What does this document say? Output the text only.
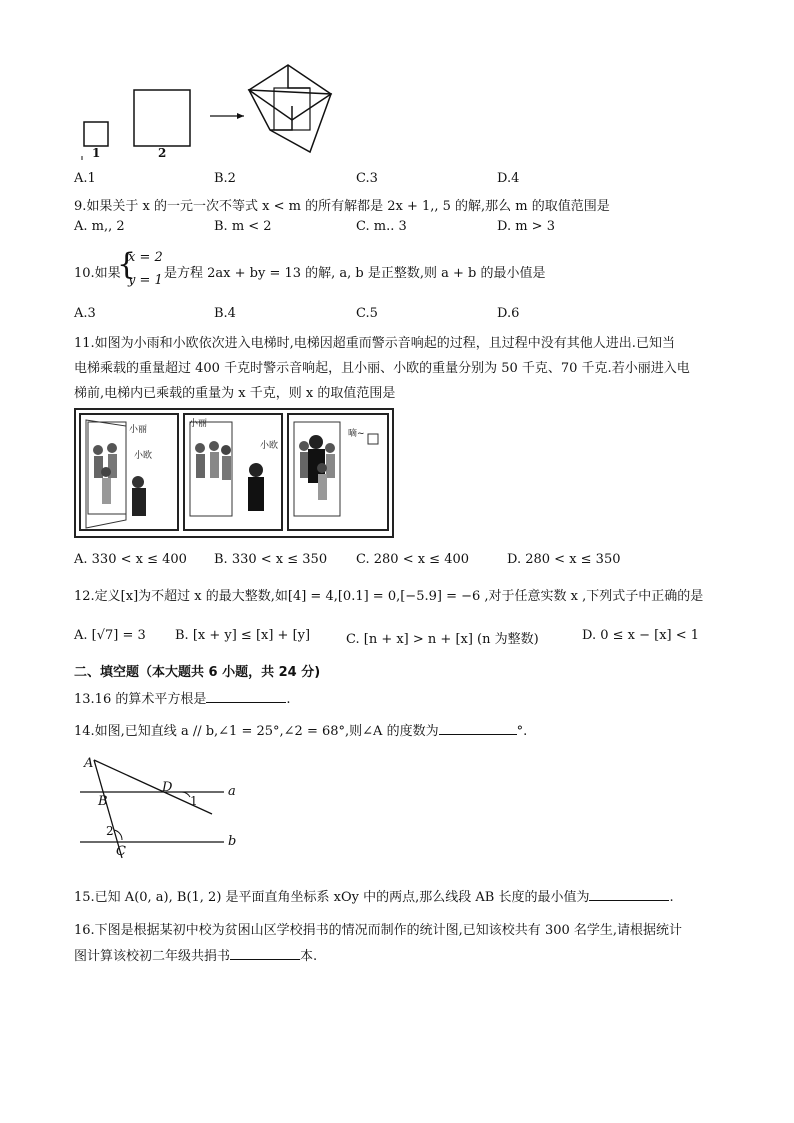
1	2
A.1	B.2	C.3	D.4
9.如果关于 x 的一元一次不等式 x < m 的所有解都是 2x + 1,, 5 的解,那么 m 的取值范围是
A. m,, 2	B. m < 2	C. m.. 3	D. m > 3
10.如果
{
x = 2
y = 1 是方程 2ax + by = 13 的解, a, b 是正整数,则 a + b 的最小值是
A.3	B.4	C.5	D.6
11.如图为小雨和小欧依次进入电梯时,电梯因超重而警示音响起的过程，且过程中没有其他人进出.已知当
电梯乘载的重量超过 400 千克时警示音响起，且小丽、小欧的重量分别为 50 千克、70 千克.若小丽进入电
梯前,电梯内已乘载的重量为 x 千克，则 x 的取值范围是
小丽
小欧
小丽
小欧
嘀~
A. 330 < x ≤ 400 B. 330 < x ≤ 350 C. 280 < x ≤ 400	D. 280 < x ≤ 350
12.定义[x]为不超过 x 的最大整数,如[4] = 4,[0.1] = 0,[−5.9] = −6 ,对于任意实数 x ,下列式子中正确的是
A. [√7] = 3 B. [x + y] ≤ [x] + [y]	C. [n + x] > n + [x] (n 为整数)	D. 0 ≤ x − [x] < 1
二、填空题（本大题共 6 小题，共 24 分)
13.16 的算术平方根是	.
14.如图,已知直线 a // b,∠1 = 25°,∠2 = 68°,则∠A 的度数为	°.
A
B
C
D
1
2
a
b
15.已知 A(0, a), B(1, 2) 是平面直角坐标系 xOy 中的两点,那么线段 AB 长度的最小值为	.
16.下图是根据某初中校为贫困山区学校捐书的情况而制作的统计图,已知该校共有 300 名学生,请根据统计
图计算该校初二年级共捐书	本.
